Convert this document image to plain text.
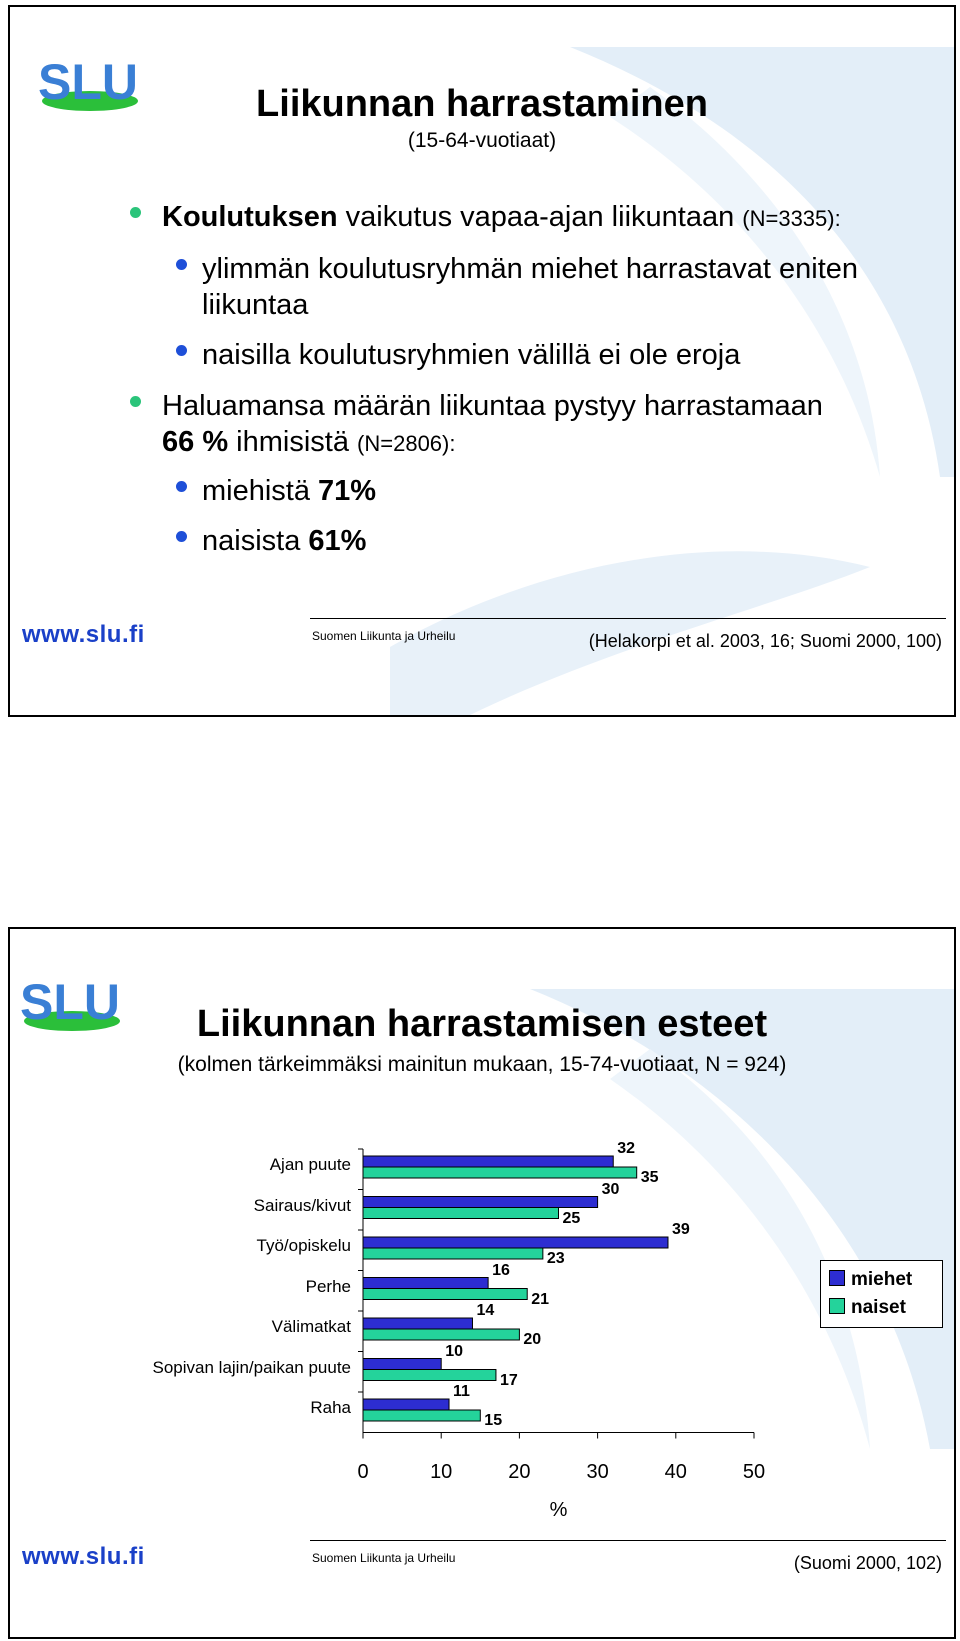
SLU	Liikunnan harrastaminen
(15-64-vuotiaat)
Koulutuksen vaikutus vapaa-ajan liikuntaan (N=3335):
ylimmän koulutusryhmän miehet harrastavat eniten
liikuntaa
naisilla koulutusryhmien välillä ei ole eroja
Haluamansa määrän liikuntaa pystyy harrastamaan
66 % ihmisistä (N=2806):
miehistä 71%
naisista 61%
www.slu.fi	Suomen Liikunta ja Urheilu	(Helakorpi et al. 2003, 16; Suomi 2000, 100)
SLU	Liikunnan harrastamisen esteet
(kolmen tärkeimmäksi mainitun mukaan, 15-74-vuotiaat, N = 924)
0	10	20	30	40	50
Ajan puute
32
35
Sairaus/kivut
30
25
Työ/opiskelu
39
23
Perhe
16
21
Välimatkat
14
20
Sopivan lajin/paikan puute
10
17
Raha
11
15
%
miehet
naiset
www.slu.fi	Suomen Liikunta ja Urheilu	(Suomi 2000, 102)
